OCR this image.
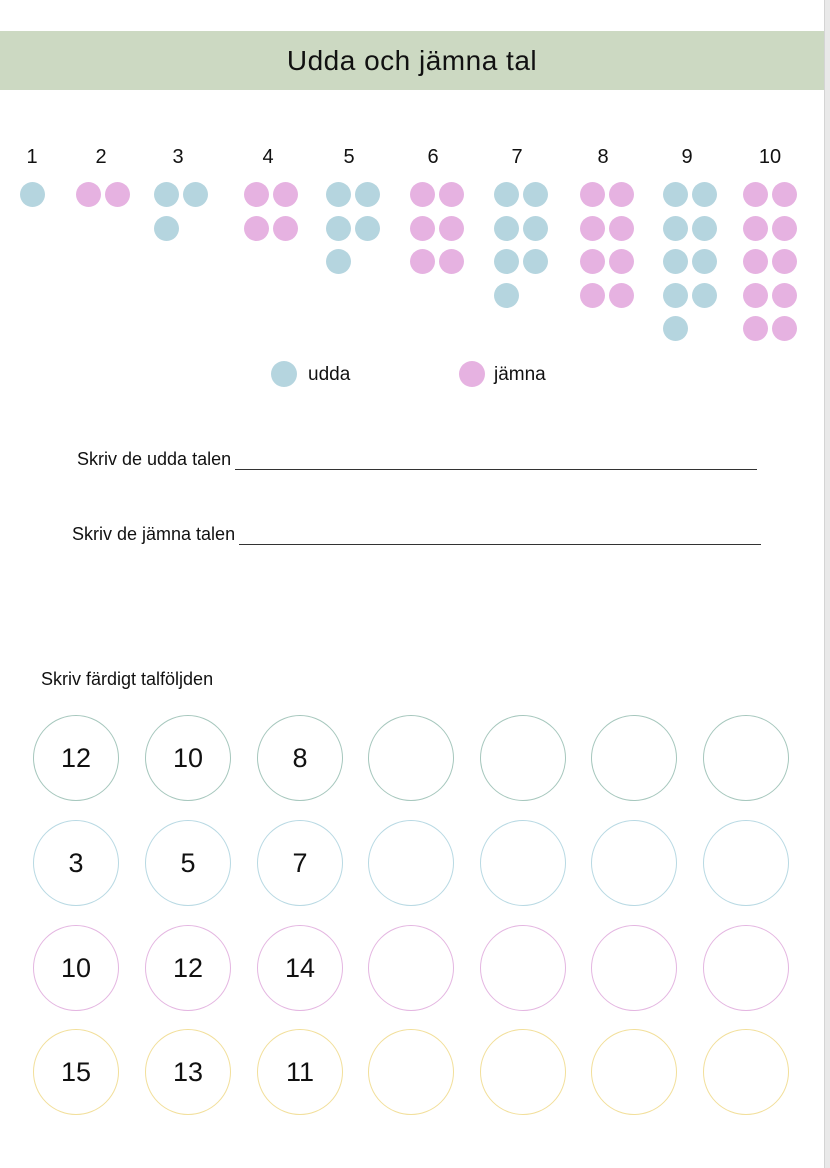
Udda och jämna tal
1	2	3	4	5	6	7	8	9	10
udda	jämna
Skriv de udda talen
Skriv de jämna talen
Skriv färdigt talföljden
12	10	8
3	5	7
10	12	14
15	13	11
